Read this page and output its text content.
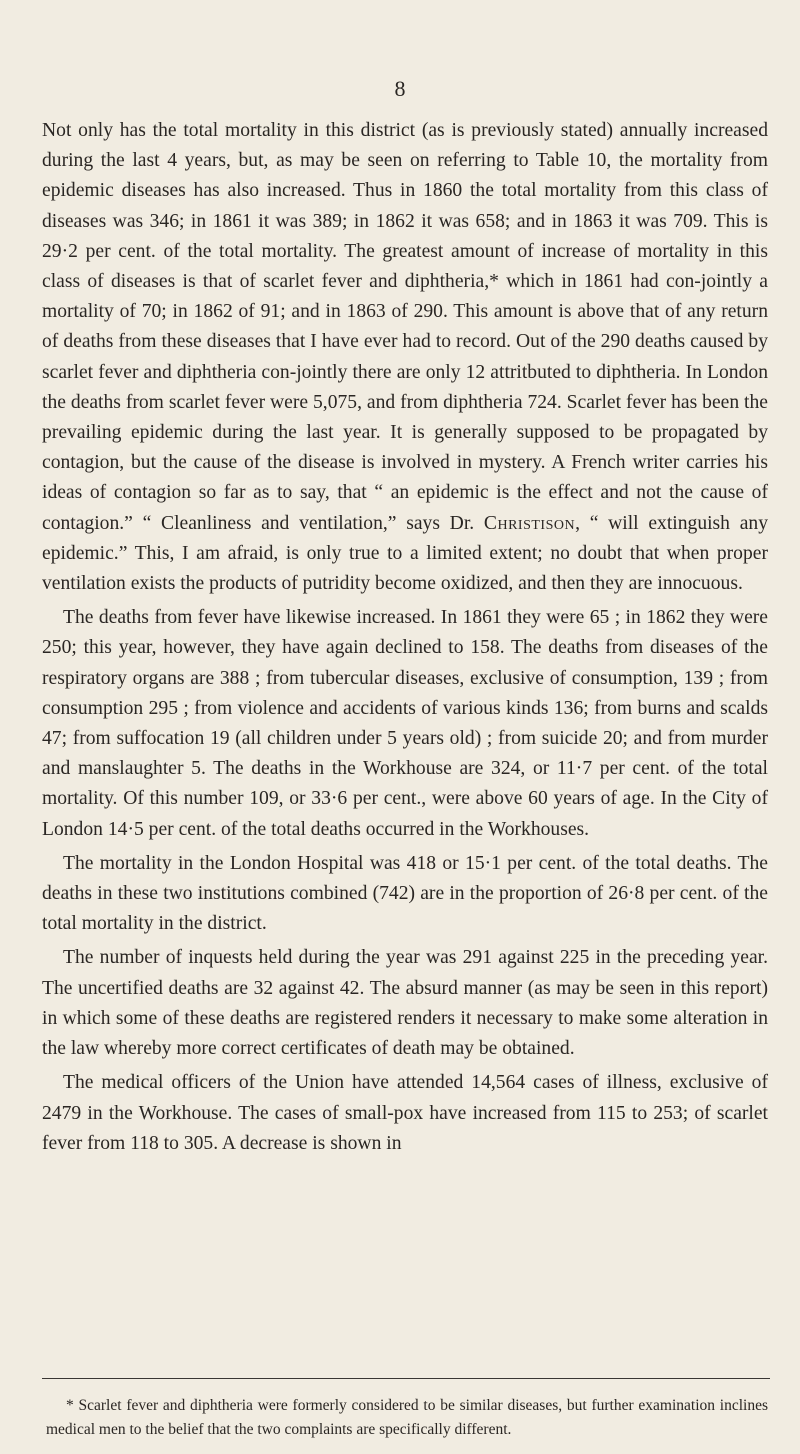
8

Not only has the total mortality in this district (as is previously stated) annually increased during the last 4 years, but, as may be seen on referring to Table 10, the mortality from epidemic diseases has also increased. Thus in 1860 the total mortality from this class of diseases was 346; in 1861 it was 389; in 1862 it was 658; and in 1863 it was 709. This is 29·2 per cent. of the total mortality. The greatest amount of increase of mortality in this class of diseases is that of scarlet fever and diphtheria,* which in 1861 had con-jointly a mortality of 70; in 1862 of 91; and in 1863 of 290. This amount is above that of any return of deaths from these diseases that I have ever had to record. Out of the 290 deaths caused by scarlet fever and diphtheria con-jointly there are only 12 attritbuted to diphtheria. In London the deaths from scarlet fever were 5,075, and from diphtheria 724. Scarlet fever has been the prevailing epidemic during the last year. It is generally supposed to be propagated by contagion, but the cause of the disease is involved in mystery. A French writer carries his ideas of contagion so far as to say, that “ an epidemic is the effect and not the cause of contagion.” “ Cleanliness and ventilation,” says Dr. Christison, “ will extinguish any epidemic.” This, I am afraid, is only true to a limited extent; no doubt that when proper ventilation exists the products of putridity become oxidized, and then they are innocuous.

The deaths from fever have likewise increased. In 1861 they were 65 ; in 1862 they were 250; this year, however, they have again declined to 158. The deaths from diseases of the respiratory organs are 388 ; from tubercular diseases, exclusive of consumption, 139 ; from consumption 295 ; from violence and accidents of various kinds 136; from burns and scalds 47; from suffocation 19 (all children under 5 years old) ; from suicide 20; and from murder and manslaughter 5. The deaths in the Workhouse are 324, or 11·7 per cent. of the total mortality. Of this number 109, or 33·6 per cent., were above 60 years of age. In the City of London 14·5 per cent. of the total deaths occurred in the Workhouses.

The mortality in the London Hospital was 418 or 15·1 per cent. of the total deaths. The deaths in these two institutions combined (742) are in the proportion of 26·8 per cent. of the total mortality in the district.

The number of inquests held during the year was 291 against 225 in the preceding year. The uncertified deaths are 32 against 42. The absurd manner (as may be seen in this report) in which some of these deaths are registered renders it necessary to make some alteration in the law whereby more correct certificates of death may be obtained.

The medical officers of the Union have attended 14,564 cases of illness, exclusive of 2479 in the Workhouse. The cases of small-pox have increased from 115 to 253; of scarlet fever from 118 to 305. A decrease is shown in

* Scarlet fever and diphtheria were formerly considered to be similar diseases, but further examination inclines medical men to the belief that the two complaints are specifically different.
